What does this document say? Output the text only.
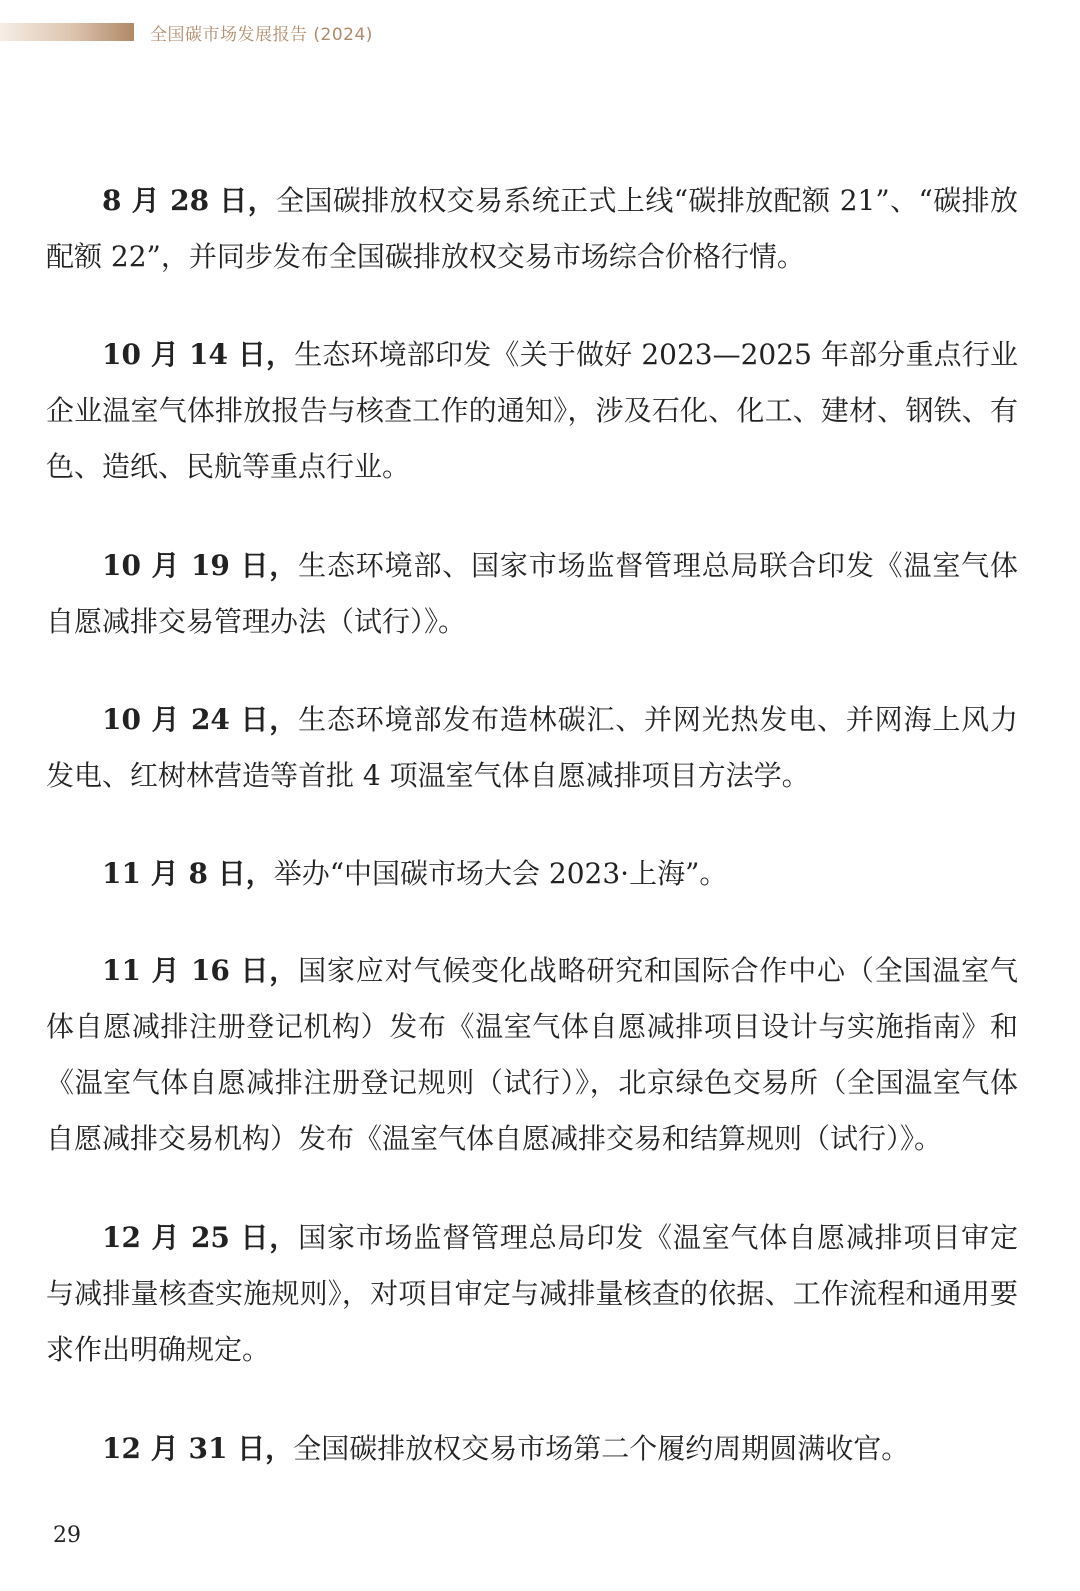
全国碳市场发展报告 (2024)

8 月 28 日，全国碳排放权交易系统正式上线“碳排放配额 21”、“碳排放配额 22”，并同步发布全国碳排放权交易市场综合价格行情。

10 月 14 日，生态环境部印发《关于做好 2023—2025 年部分重点行业企业温室气体排放报告与核查工作的通知》，涉及石化、化工、建材、钢铁、有色、造纸、民航等重点行业。

10 月 19 日，生态环境部、国家市场监督管理总局联合印发《温室气体自愿减排交易管理办法（试行）》。

10 月 24 日，生态环境部发布造林碳汇、并网光热发电、并网海上风力发电、红树林营造等首批 4 项温室气体自愿减排项目方法学。

11 月 8 日，举办“中国碳市场大会 2023·上海”。

11 月 16 日，国家应对气候变化战略研究和国际合作中心（全国温室气体自愿减排注册登记机构）发布《温室气体自愿减排项目设计与实施指南》和《温室气体自愿减排注册登记规则（试行）》，北京绿色交易所（全国温室气体自愿减排交易机构）发布《温室气体自愿减排交易和结算规则（试行）》。

12 月 25 日，国家市场监督管理总局印发《温室气体自愿减排项目审定与减排量核查实施规则》，对项目审定与减排量核查的依据、工作流程和通用要求作出明确规定。

12 月 31 日，全国碳排放权交易市场第二个履约周期圆满收官。

29
